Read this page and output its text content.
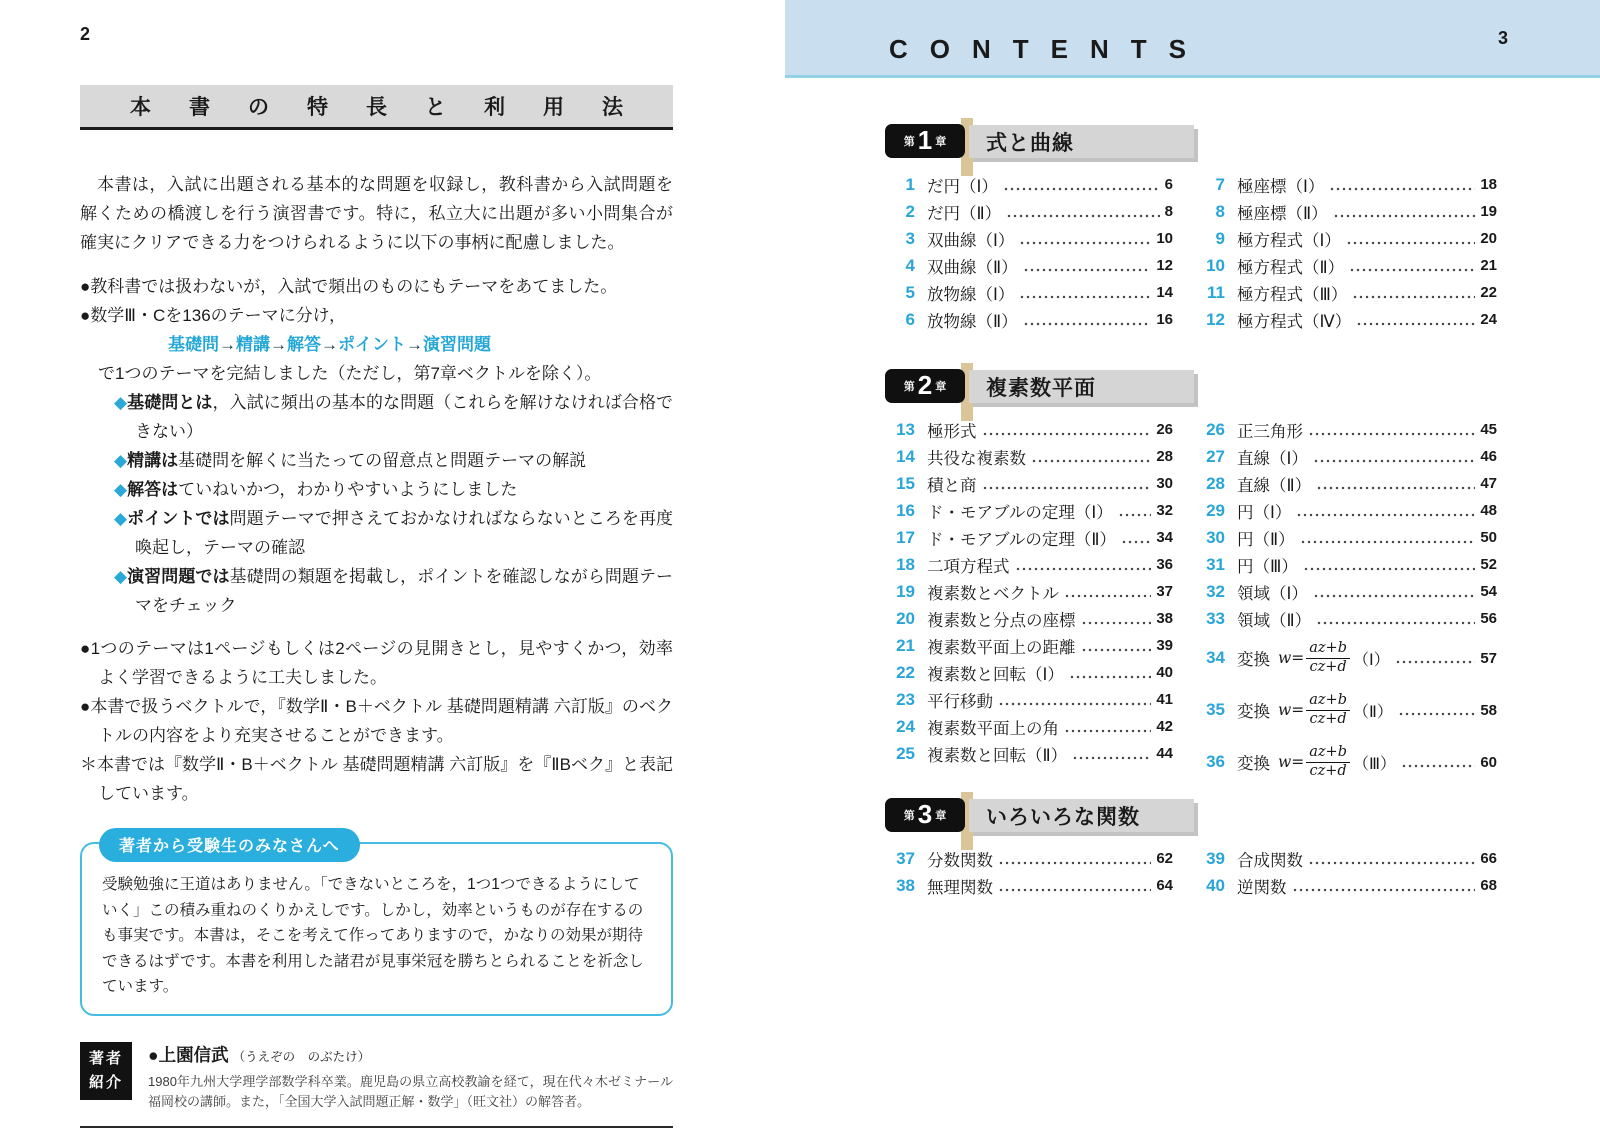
2
本書の特長と利用法

本書は，入試に出題される基本的な問題を収録し，教科書から入試問題を解くための橋渡しを行う演習書です。特に，私立大に出題が多い小問集合が確実にクリアできる力をつけられるように以下の事柄に配慮しました。

●教科書では扱わないが，入試で頻出のものにもテーマをあてました。

●数学Ⅲ・Cを136のテーマに分け，

基礎問→精講→解答→ポイント→演習問題

で1つのテーマを完結しました（ただし，第7章ベクトルを除く）。

◆基礎問とは，入試に頻出の基本的な問題（これらを解けなければ合格できない）

◆精講は基礎問を解くに当たっての留意点と問題テーマの解説

◆解答はていねいかつ，わかりやすいようにしました

◆ポイントでは問題テーマで押さえておかなければならないところを再度喚起し，テーマの確認

◆演習問題では基礎問の類題を掲載し，ポイントを確認しながら問題テーマをチェック

●1つのテーマは1ページもしくは2ページの見開きとし，見やすくかつ，効率よく学習できるように工夫しました。

●本書で扱うベクトルで，『数学Ⅱ・B＋ベクトル 基礎問題精講 六訂版』のベクトルの内容をより充実させることができます。

＊本書では『数学Ⅱ・B＋ベクトル 基礎問題精講 六訂版』を『ⅡBベク』と表記しています。

著者から受験生のみなさんへ

受験勉強に王道はありません。「できないところを，1つ1つできるようにしていく」この積み重ねのくりかえしです。しかし，効率というものが存在するのも事実です。本書は，そこを考えて作ってありますので，かなりの効果が期待できるはずです。本書を利用した諸君が見事栄冠を勝ちとられることを祈念しています。

著者
紹介
●上園信武 （うえぞの　のぶたけ）

1980年九州大学理学部数学科卒業。鹿児島の県立高校教諭を経て，現在代々木ゼミナール福岡校の講師。また，「全国大学入試問題正解・数学」（旺文社）の解答者。

CONTENTS	3
第 1 章 式と曲線
1 だ円（Ⅰ）	6
2 だ円（Ⅱ）	8
3 双曲線（Ⅰ）	10
4 双曲線（Ⅱ）	12
5 放物線（Ⅰ）	14
6 放物線（Ⅱ）	16
7 極座標（Ⅰ）	18
8 極座標（Ⅱ）	19
9 極方程式（Ⅰ）	20
10 極方程式（Ⅱ）	21
11 極方程式（Ⅲ）	22
12 極方程式（Ⅳ）	24
第 2 章 複素数平面
13 極形式	26
14 共役な複素数	28
15 積と商	30
16 ド・モアブルの定理（Ⅰ）	32
17 ド・モアブルの定理（Ⅱ）	34
18 二項方程式	36
19 複素数とベクトル	37
20 複素数と分点の座標	38
21 複素数平面上の距離	39
22 複素数と回転（Ⅰ）	40
23 平行移動	41
24 複素数平面上の角	42
25 複素数と回転（Ⅱ）	44
26 正三角形	45
27 直線（Ⅰ）	46
28 直線（Ⅱ）	47
29 円（Ⅰ）	48
30 円（Ⅱ）	50
31 円（Ⅲ）	52
32 領域（Ⅰ）	54
33 領域（Ⅱ）	56
34 変換 $w= \frac{az+b}{cz+d}$ （Ⅰ）	57
35 変換 $w= \frac{az+b}{cz+d}$ （Ⅱ）	58
36 変換 $w= \frac{az+b}{cz+d}$ （Ⅲ）	60
第 3 章 いろいろな関数
37 分数関数	62
38 無理関数	64
39 合成関数	66
40 逆関数	68
